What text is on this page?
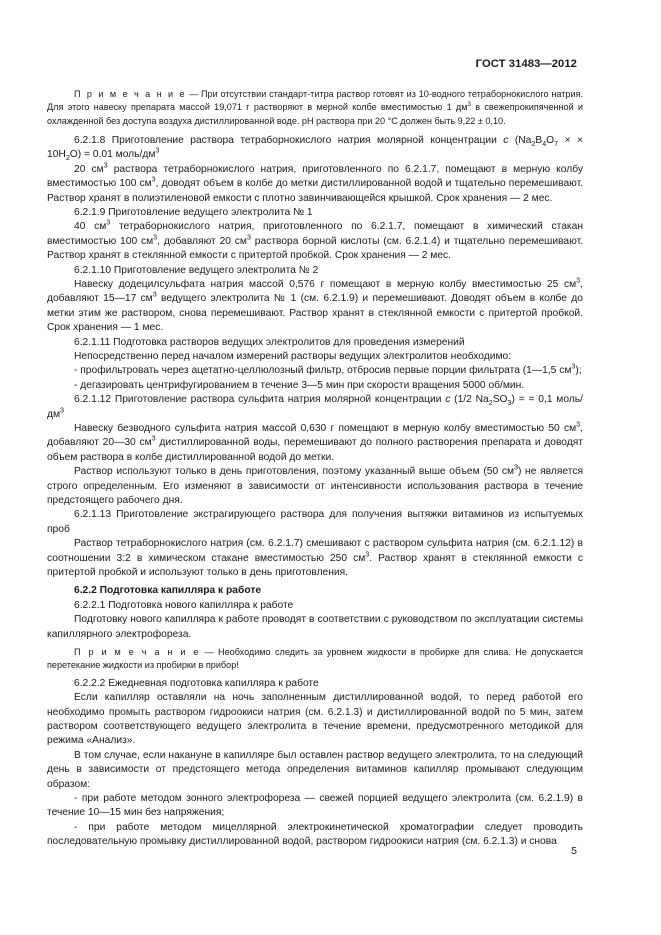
ГОСТ 31483—2012

П р и м е ч а н и е — При отсутствии стандарт-титра раствор готовят из 10-водного тетраборнокислого натрия. Для этого навеску препарата массой 19,071 г растворяют в мерной колбе вместимостью 1 $дм^3$ в свежепрокипяченной и охлажденной без доступа воздуха дистиллированной воде. pH раствора при 20 °C должен быть 9,22 ± 0,10.

6.2.1.8 Приготовление раствора тетраборнокислого натрия молярной концентрации c ($Na_2B_4O_7$ × × $10H_2O) = 0,01$ моль/$дм^3$

20 $см^3$ раствора тетраборнокислого натрия, приготовленного по 6.2.1.7, помещают в мерную колбу вместимостью 100 $см^3$, доводят объем в колбе до метки дистиллированной водой и тщательно перемешивают. Раствор хранят в полиэтиленовой емкости с плотно завинчивающейся крышкой. Срок хранения — 2 мес.

6.2.1.9 Приготовление ведущего электролита № 1

40 $см^3$ тетраборнокислого натрия, приготовленного по 6.2.1.7, помещают в химический стакан вместимостью 100 $см^3$, добавляют 20 $см^3$ раствора борной кислоты (см. 6.2.1.4) и тщательно перемешивают. Раствор хранят в стеклянной емкости с притертой пробкой. Срок хранения — 2 мес.

6.2.1.10 Приготовление ведущего электролита № 2

Навеску додецилсульфата натрия массой 0,576 г помещают в мерную колбу вместимостью 25 $см^3$, добавляют 15—17 $см^3$ ведущего электролита № 1 (см. 6.2.1.9) и перемешивают. Доводят объем в колбе до метки этим же раствором, снова перемешивают. Раствор хранят в стеклянной емкости с притертой пробкой. Срок хранения — 1 мес.

6.2.1.11 Подготовка растворов ведущих электролитов для проведения измерений

Непосредственно перед началом измерений растворы ведущих электролитов необходимо:

- профильтровать через ацетатно-целлюлозный фильтр, отбросив первые порции фильтрата (1—1,5 $см^3$);

- дегазировать центрифугированием в течение 3—5 мин при скорости вращения 5000 об/мин.

6.2.1.12 Приготовление раствора сульфита натрия молярной концентрации c (1/2 $Na_2SO_3$) = = 0,1 моль/$дм^3$

Навеску безводного сульфита натрия массой 0,630 г помещают в мерную колбу вместимостью 50 $см^3$, добавляют 20—30 $см^3$ дистиллированной воды, перемешивают до полного растворения препарата и доводят объем раствора в колбе дистиллированной водой до метки.

Раствор используют только в день приготовления, поэтому указанный выше объем (50 $см^3$) не является строго определенным. Его изменяют в зависимости от интенсивности использования раствора в течение предстоящего рабочего дня.

6.2.1.13 Приготовление экстрагирующего раствора для получения вытяжки витаминов из испытуемых проб

Раствор тетраборнокислого натрия (см. 6.2.1.7) смешивают с раствором сульфита натрия (см. 6.2.1.12) в соотношении 3:2 в химическом стакане вместимостью 250 $см^3$. Раствор хранят в стеклянной емкости с притертой пробкой и используют только в день приготовления.

6.2.2 Подготовка капилляра к работе

6.2.2.1 Подготовка нового капилляра к работе

Подготовку нового капилляра к работе проводят в соответствии с руководством по эксплуатации системы капиллярного электрофореза.

П р и м е ч а н и е — Необходимо следить за уровнем жидкости в пробирке для слива. Не допускается перетекание жидкости из пробирки в прибор!

6.2.2.2 Ежедневная подготовка капилляра к работе

Если капилляр оставляли на ночь заполненным дистиллированной водой, то перед работой его необходимо промыть раствором гидроокиси натрия (см. 6.2.1.3) и дистиллированной водой по 5 мин, затем раствором соответствующего ведущего электролита в течение времени, предусмотренного методикой для режима «Анализ».

В том случае, если накануне в капилляре был оставлен раствор ведущего электролита, то на следующий день в зависимости от предстоящего метода определения витаминов капилляр промывают следующим образом:

- при работе методом зонного электрофореза — свежей порцией ведущего электролита (см. 6.2.1.9) в течение 10—15 мин без напряжения;

- при работе методом мицеллярной электрокинетической хроматографии следует проводить последовательную промывку дистиллированной водой, раствором гидроокиси натрия (см. 6.2.1.3) и снова

5
